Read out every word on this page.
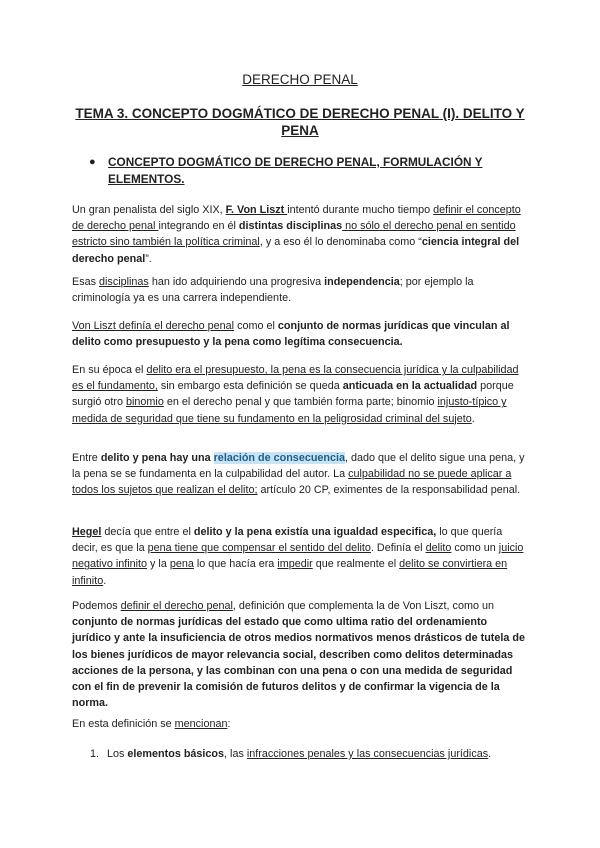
DERECHO PENAL
TEMA 3. CONCEPTO DOGMÁTICO DE DERECHO PENAL (I). DELITO Y PENA
● CONCEPTO DOGMÁTICO DE DERECHO PENAL, FORMULACIÓN Y ELEMENTOS.

Un gran penalista del siglo XIX, F. Von Liszt intentó durante mucho tiempo definir el concepto de derecho penal integrando en él distintas disciplinas no sólo el derecho penal en sentido estricto sino también la política criminal, y a eso él lo denominaba como “ciencia integral del derecho penal”.

Esas disciplinas han ido adquiriendo una progresiva independencia; por ejemplo la criminología ya es una carrera independiente.

Von Liszt definía el derecho penal como el conjunto de normas jurídicas que vinculan al delito como presupuesto y la pena como legítima consecuencia.

En su época el delito era el presupuesto, la pena es la consecuencia jurídica y la culpabilidad es el fundamento, sin embargo esta definición se queda anticuada en la actualidad porque surgió otro binomio en el derecho penal y que también forma parte; binomio injusto-típico y medida de seguridad que tiene su fundamento en la peligrosidad criminal del sujeto.

Entre delito y pena hay una relación de consecuencia, dado que el delito sigue una pena, y la pena se se fundamenta en la culpabilidad del autor. La culpabilidad no se puede aplicar a todos los sujetos que realizan el delito; artículo 20 CP, eximentes de la responsabilidad penal.

Hegel decía que entre el delito y la pena existía una igualdad especifica, lo que quería decir, es que la pena tiene que compensar el sentido del delito. Definía el delito como un juicio negativo infinito y la pena lo que hacía era impedir que realmente el delito se convirtiera en infinito.

Podemos definir el derecho penal, definición que complementa la de Von Liszt, como un conjunto de normas jurídicas del estado que como ultima ratio del ordenamiento jurídico y ante la insuficiencia de otros medios normativos menos drásticos de tutela de los bienes jurídicos de mayor relevancia social, describen como delitos determinadas acciones de la persona, y las combinan con una pena o con una medida de seguridad con el fin de prevenir la comisión de futuros delitos y de confirmar la vigencia de la norma.

En esta definición se mencionan:

1. Los elementos básicos, las infracciones penales y las consecuencias jurídicas.
